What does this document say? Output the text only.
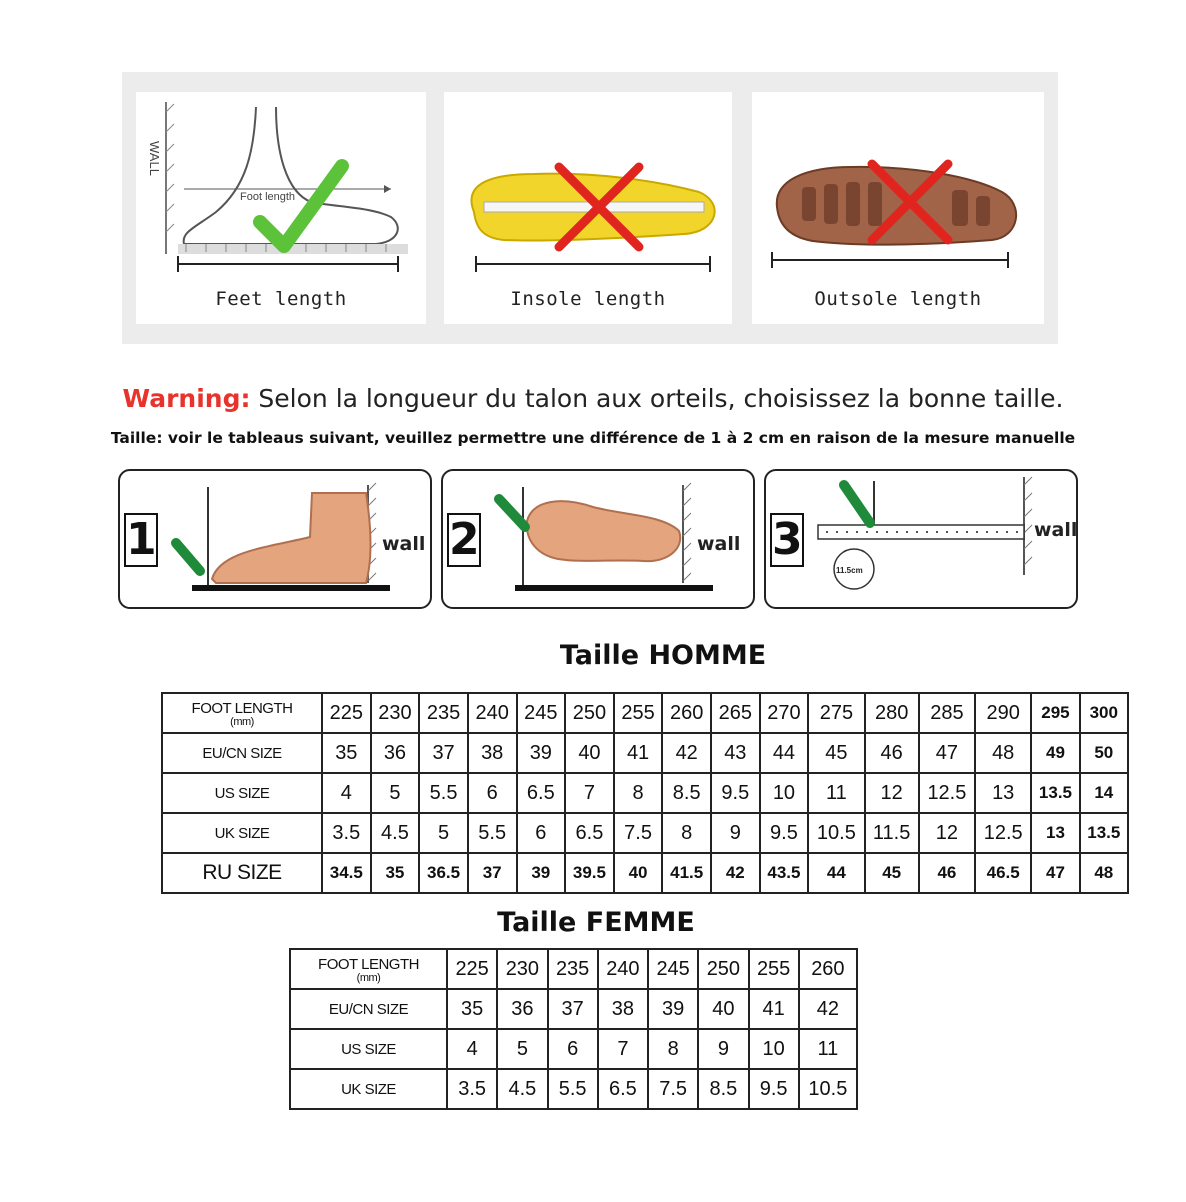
WALL
Foot length
Feet length	Insole length	Outsole length
Warning: Selon la longueur du talon aux orteils, choisissez la bonne taille.
Taille: voir le tableaus suivant, veuillez permettre une différence de 1 à 2 cm en raison de la mesure manuelle
1	wall 2	wall 3
11.5cm
wall
Taille HOMME
FOOT LENGTH
(mm)	225	230	235	240	245	250	255	260	265	270	275	280	285	290	295	300
EU/CN SIZE	35	36	37	38	39	40	41	42	43	44	45	46	47	48	49	50
US SIZE	4	5	5.5	6	6.5	7	8	8.5	9.5	10	11	12	12.5	13	13.5	14
UK SIZE	3.5	4.5	5	5.5	6	6.5	7.5	8	9	9.5	10.5	11.5	12	12.5	13	13.5
RU SIZE	34.5	35	36.5	37	39	39.5	40	41.5	42	43.5	44	45	46	46.5	47	48
Taille FEMME
FOOT LENGTH
(mm)	225	230	235	240	245	250	255	260
EU/CN SIZE	35	36	37	38	39	40	41	42
US SIZE	4	5	6	7	8	9	10	11
UK SIZE	3.5	4.5	5.5	6.5	7.5	8.5	9.5	10.5
